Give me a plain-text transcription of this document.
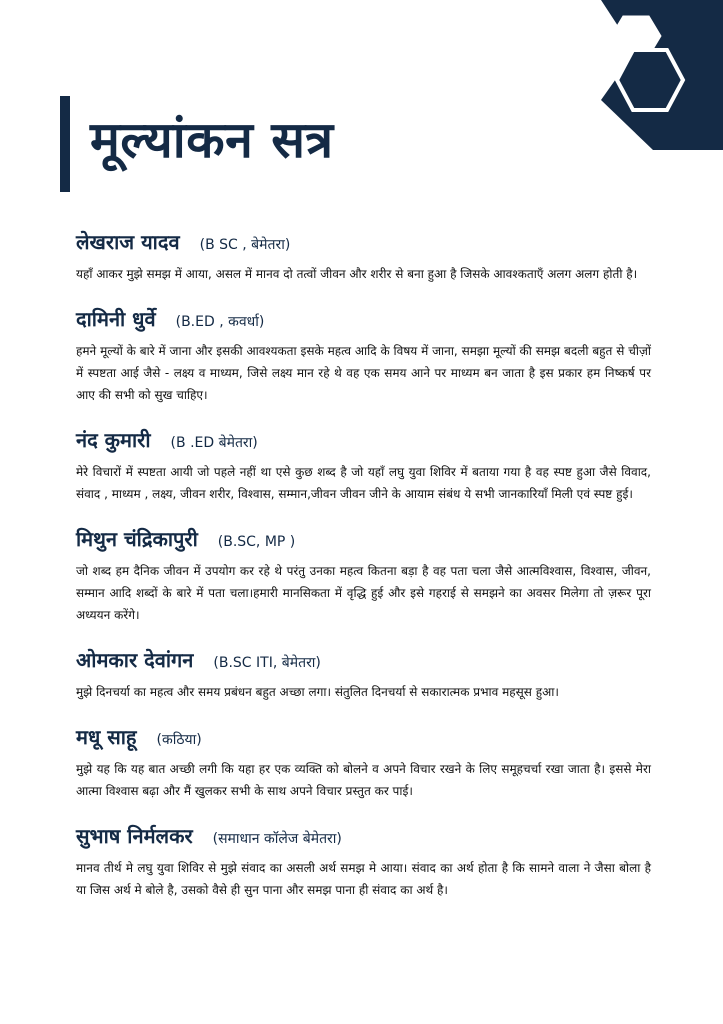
मूल्यांकन सत्र
लेखराज यादव (B SC , बेमेतरा)

यहाँ आकर मुझे समझ में आया, असल में मानव दो तत्वों जीवन और शरीर से बना हुआ है जिसके आवश्कताएँ अलग अलग होती है।

दामिनी धुर्वे (B.ED , कवर्धा)

हमने मूल्यों के बारे में जाना और इसकी आवश्यकता इसके महत्व आदि के विषय में जाना, समझा मूल्यों की समझ बदली बहुत से चीज़ों में स्पष्टता आई जैसे - लक्ष्य व माध्यम, जिसे लक्ष्य मान रहे थे वह एक समय आने पर माध्यम बन जाता है इस प्रकार हम निष्कर्ष पर आए की सभी को सुख चाहिए।

नंद कुमारी (B .ED बेमेतरा)

मेरे विचारों में स्पष्टता आयी जो पहले नहीं था एसे कुछ शब्द है जो यहाँ लघु युवा शिविर में बताया गया है वह स्पष्ट हुआ जैसे विवाद, संवाद , माध्यम , लक्ष्य, जीवन शरीर, विश्वास, सम्मान,जीवन जीवन जीने के आयाम संबंध ये सभी जानकारियाँ मिली एवं स्पष्ट हुई।

मिथुन चंद्रिकापुरी (B.SC, MP )

जो शब्द हम दैनिक जीवन में उपयोग कर रहे थे परंतु उनका महत्व कितना बड़ा है वह पता चला जैसे आत्मविश्वास, विश्वास, जीवन, सम्मान आदि शब्दों के बारे में पता चला।हमारी मानसिकता में वृद्धि हुई और इसे गहराई से समझने का अवसर मिलेगा तो ज़रूर पूरा अध्ययन करेंगे।

ओमकार देवांगन (B.SC ITI, बेमेतरा)

मुझे दिनचर्या का महत्व और समय प्रबंधन बहुत अच्छा लगा। संतुलित दिनचर्या से सकारात्मक प्रभाव महसूस हुआ।

मधू साहू (कठिया)

मुझे यह कि यह बात अच्छी लगी कि यहा हर एक व्यक्ति को बोलने व अपने विचार रखने के लिए समूहचर्चा रखा जाता है। इससे मेरा आत्मा विश्वास बढ़ा और मैं खुलकर सभी के साथ अपने विचार प्रस्तुत कर पाई।

सुभाष निर्मलकर (समाधान कॉलेज बेमेतरा)

मानव तीर्थ मे लघु युवा शिविर से मुझे संवाद का असली अर्थ समझ मे आया। संवाद का अर्थ होता है कि सामने वाला ने जैसा बोला है या जिस अर्थ मे बोले है, उसको वैसे ही सुन पाना और समझ पाना ही संवाद का अर्थ है।
